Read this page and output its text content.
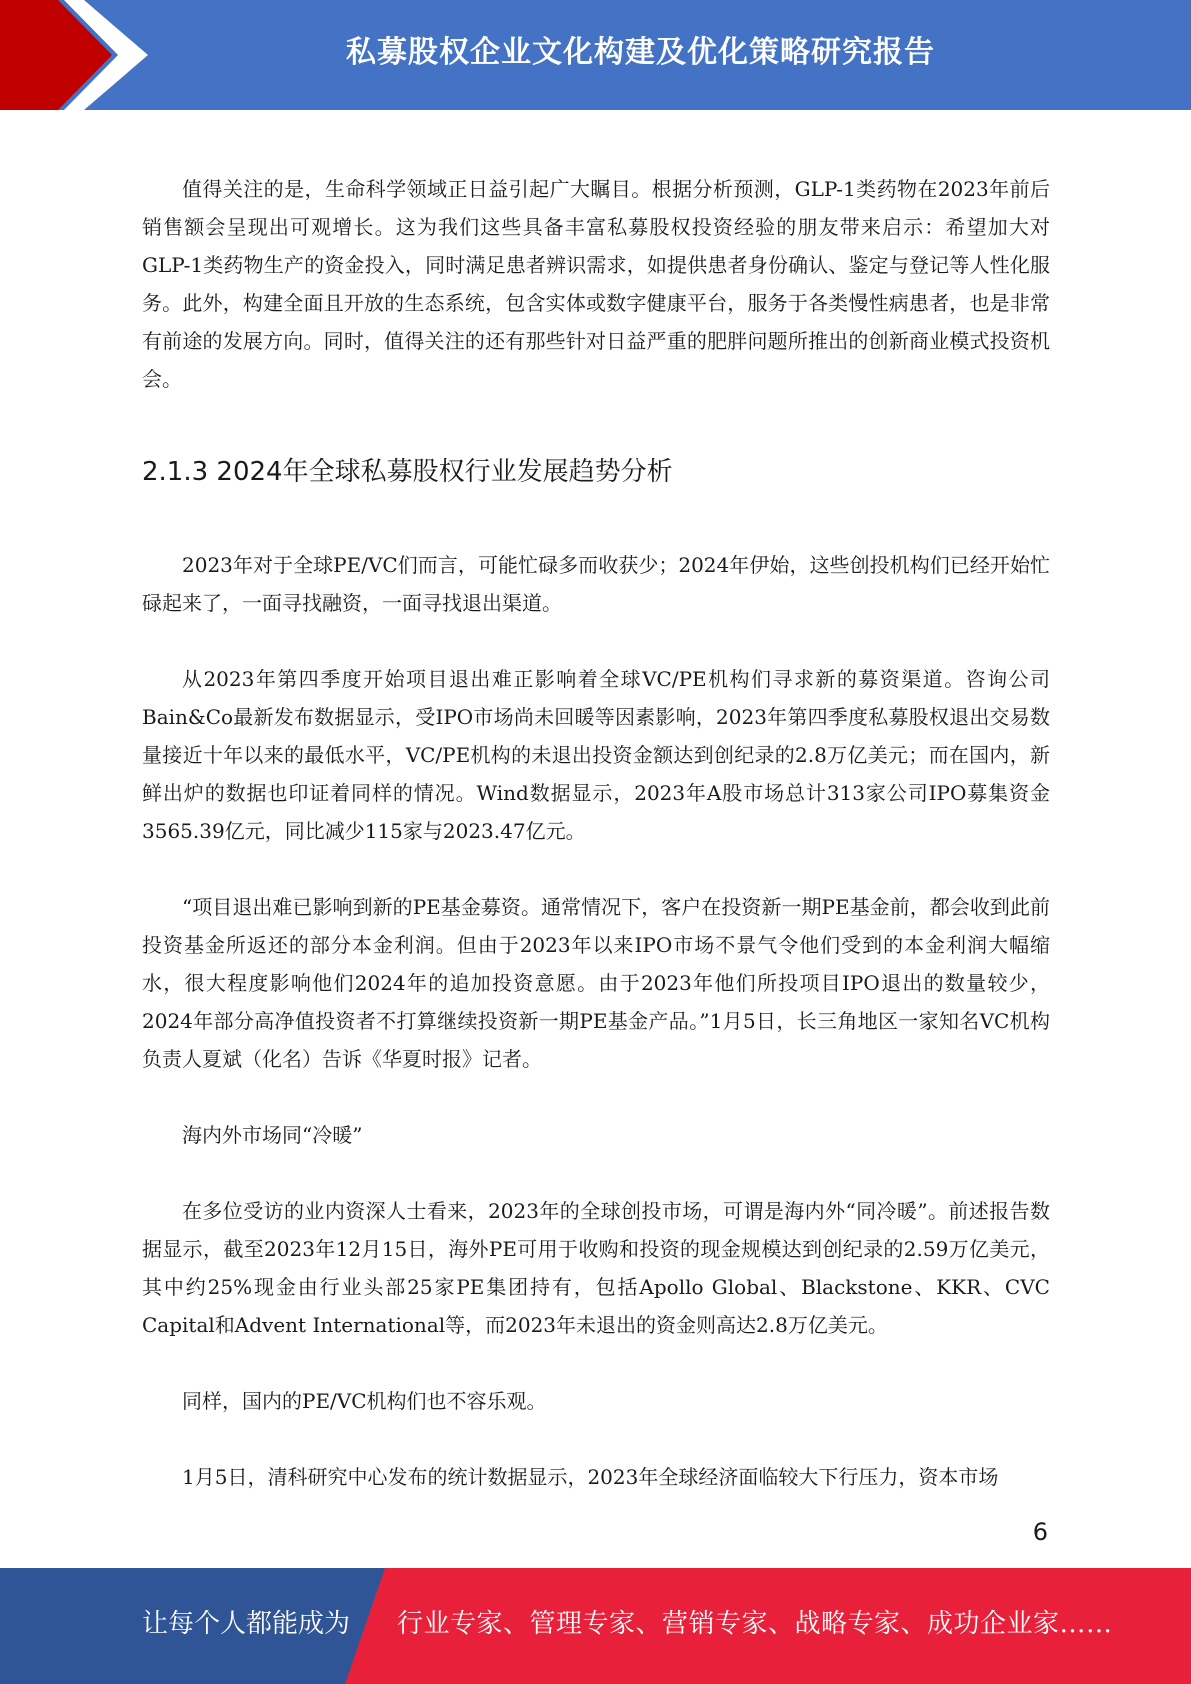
私募股权企业文化构建及优化策略研究报告

值得关注的是，生命科学领域正日益引起广大瞩目。根据分析预测，GLP-1类药物在2023年前后销售额会呈现出可观增长。这为我们这些具备丰富私募股权投资经验的朋友带来启示：希望加大对GLP-1类药物生产的资金投入，同时满足患者辨识需求，如提供患者身份确认、鉴定与登记等人性化服务。此外，构建全面且开放的生态系统，包含实体或数字健康平台，服务于各类慢性病患者，也是非常有前途的发展方向。同时，值得关注的还有那些针对日益严重的肥胖问题所推出的创新商业模式投资机会。

2.1.3 2024年全球私募股权行业发展趋势分析

2023年对于全球PE/VC们而言，可能忙碌多而收获少；2024年伊始，这些创投机构们已经开始忙碌起来了，一面寻找融资，一面寻找退出渠道。

从2023年第四季度开始项目退出难正影响着全球VC/PE机构们寻求新的募资渠道。咨询公司Bain&Co最新发布数据显示，受IPO市场尚未回暖等因素影响，2023年第四季度私募股权退出交易数量接近十年以来的最低水平，VC/PE机构的未退出投资金额达到创纪录的2.8万亿美元；而在国内，新鲜出炉的数据也印证着同样的情况。Wind数据显示，2023年A股市场总计313家公司IPO募集资金3565.39亿元，同比减少115家与2023.47亿元。

“项目退出难已影响到新的PE基金募资。通常情况下，客户在投资新一期PE基金前，都会收到此前投资基金所返还的部分本金利润。但由于2023年以来IPO市场不景气令他们受到的本金利润大幅缩水，很大程度影响他们2024年的追加投资意愿。由于2023年他们所投项目IPO退出的数量较少，2024年部分高净值投资者不打算继续投资新一期PE基金产品。”1月5日，长三角地区一家知名VC机构负责人夏斌（化名）告诉《华夏时报》记者。

海内外市场同“冷暖”

在多位受访的业内资深人士看来，2023年的全球创投市场，可谓是海内外“同冷暖”。前述报告数据显示，截至2023年12月15日，海外PE可用于收购和投资的现金规模达到创纪录的2.59万亿美元，其中约25%现金由行业头部25家PE集团持有，包括Apollo Global、Blackstone、KKR、CVC Capital和Advent International等，而2023年未退出的资金则高达2.8万亿美元。

同样，国内的PE/VC机构们也不容乐观。

1月5日，清科研究中心发布的统计数据显示，2023年全球经济面临较大下行压力，资本市场

6
让每个人都能成为 行业专家、管理专家、营销专家、战略专家、成功企业家……
